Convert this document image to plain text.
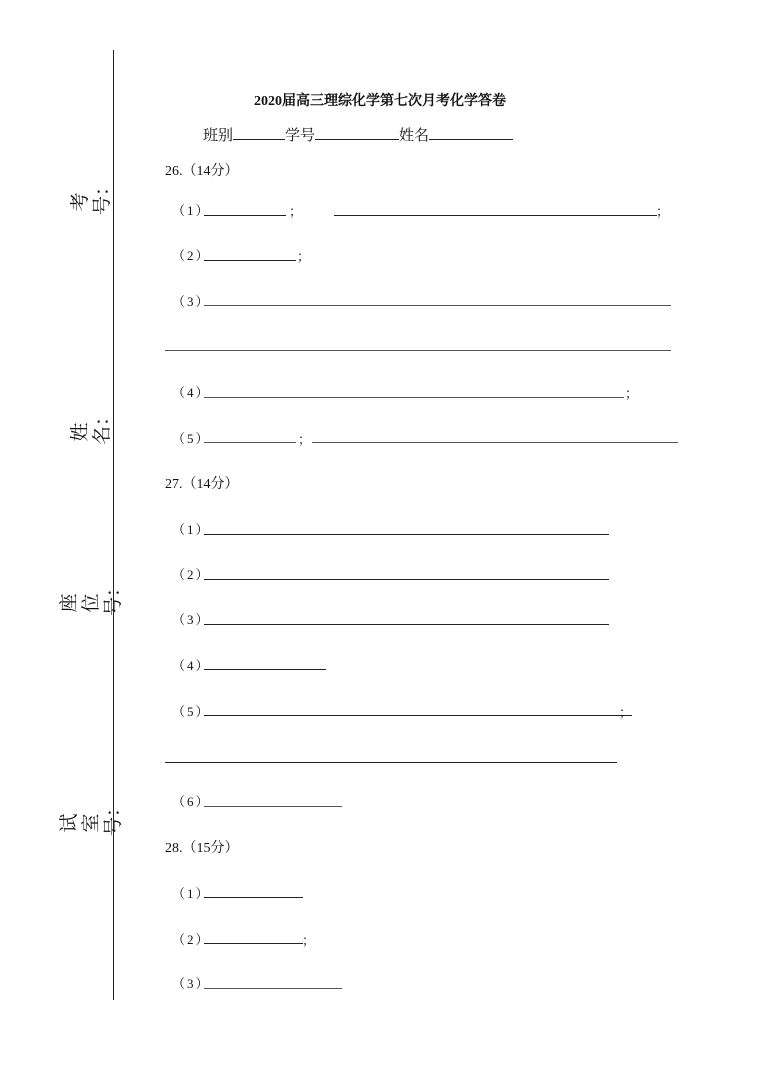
考号：
姓名：
座位号：
试室号：
2020届高三理综化学第七次月考化学答卷
班别	学号	姓名
26.（14分）
（1）	；	；
（2）	；
（3）
（4）	；
（5）	；
27.（14分）
（1）
（2）
（3）
（4）
（5）	；
（6）
28.（15分）
（1）
（2）	；
（3）
